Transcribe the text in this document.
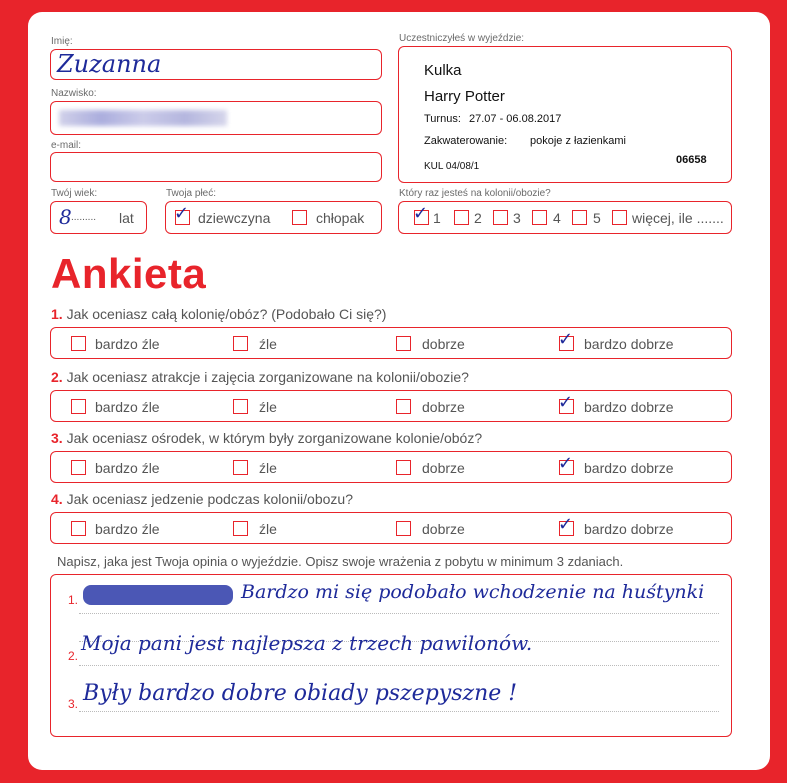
Imię:
Zuzanna
Nazwisko:
e-mail:
Twój wiek:
8 ......... lat
Twoja płeć:
✓ dziewczyna	chłopak
Uczestniczyłeś w wyjeździe:
Kulka
Harry Potter
Turnus: 27.07 - 06.08.2017
Zakwaterowanie: pokoje z łazienkami
KUL 04/08/1
06658
Który raz jesteś na kolonii/obozie?
✓ 1 2 3 4 5 więcej, ile .......
Ankieta
1. Jak oceniasz całą kolonię/obóz? (Podobało Ci się?)
bardzo źle	źle	dobrze	✓ bardzo dobrze
2. Jak oceniasz atrakcje i zajęcia zorganizowane na kolonii/obozie?
bardzo źle	źle	dobrze	✓ bardzo dobrze
3. Jak oceniasz ośrodek, w którym były zorganizowane kolonie/obóz?
bardzo źle	źle	dobrze	✓ bardzo dobrze
4. Jak oceniasz jedzenie podczas kolonii/obozu?
bardzo źle	źle	dobrze	✓ bardzo dobrze
Napisz, jaka jest Twoja opinia o wyjeździe. Opisz swoje wrażenia z pobytu w minimum 3 zdaniach.
1.	Bardzo mi się podobało wchodzenie na huśtynki
2.
Moja pani jest najlepsza z trzech pawilonów.
3. Były bardzo dobre obiady pszepyszne !
